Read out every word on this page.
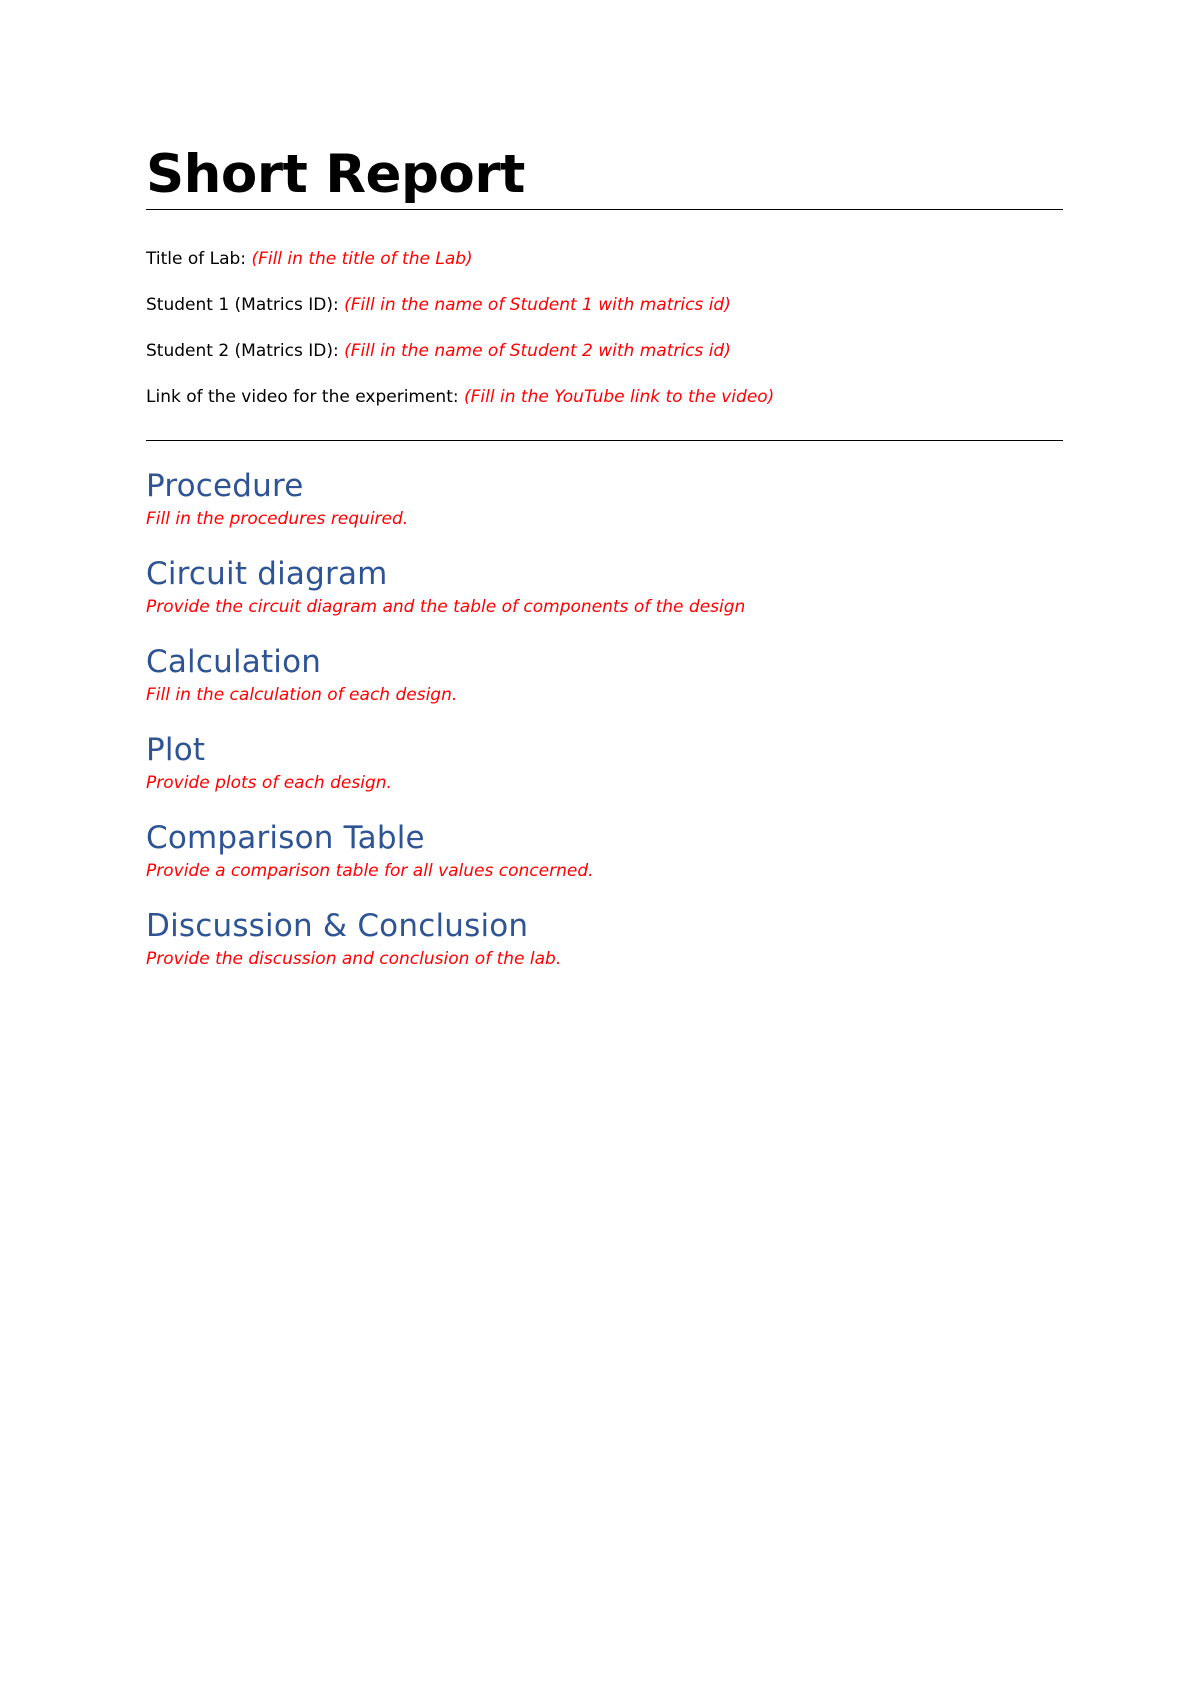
Short Report
Title of Lab: (Fill in the title of the Lab)
Student 1 (Matrics ID): (Fill in the name of Student 1 with matrics id)
Student 2 (Matrics ID): (Fill in the name of Student 2 with matrics id)
Link of the video for the experiment: (Fill in the YouTube link to the video)
Procedure

Fill in the procedures required.

Circuit diagram

Provide the circuit diagram and the table of components of the design

Calculation

Fill in the calculation of each design.

Plot

Provide plots of each design.

Comparison Table

Provide a comparison table for all values concerned.

Discussion & Conclusion

Provide the discussion and conclusion of the lab.
